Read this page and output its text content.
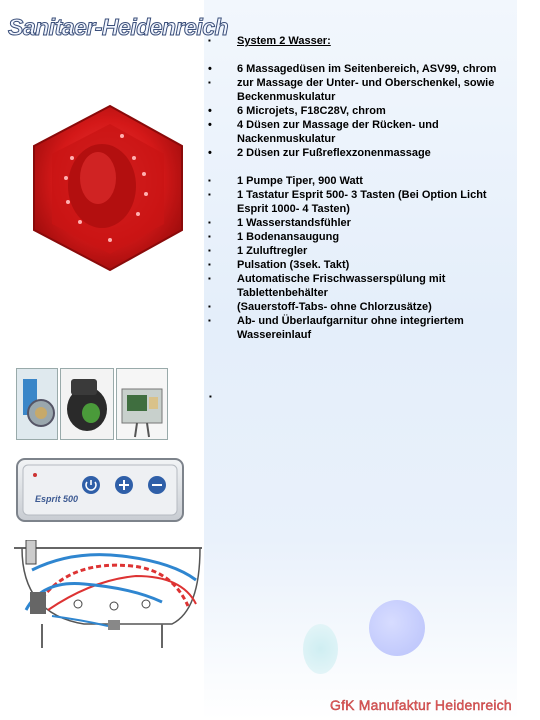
Sanitaer-Heidenreich
Esprit 500
▪ System 2 Wasser:
• 6 Massagedüsen im Seitenbereich, ASV99, chrom
▪ zur Massage der Unter- und Oberschenkel, sowie Beckenmuskulatur
• 6 Microjets, F18C28V, chrom
• 4 Düsen zur Massage der Rücken- und Nackenmuskulatur
• 2 Düsen zur Fußreflexzonenmassage
▪ 1 Pumpe Tiper, 900 Watt
▪ 1 Tastatur Esprit 500- 3 Tasten (Bei Option Licht Esprit 1000- 4 Tasten)
▪ 1 Wasserstandsfühler
▪ 1 Bodenansaugung
▪ 1 Zuluftregler
▪ Pulsation (3sek. Takt)
▪ Automatische Frischwasserspülung mit Tablettenbehälter
▪ (Sauerstoff-Tabs- ohne Chlorzusätze)
▪ Ab- und Überlaufgarnitur ohne integriertem Wassereinlauf
▪
GfK Manufaktur Heidenreich
